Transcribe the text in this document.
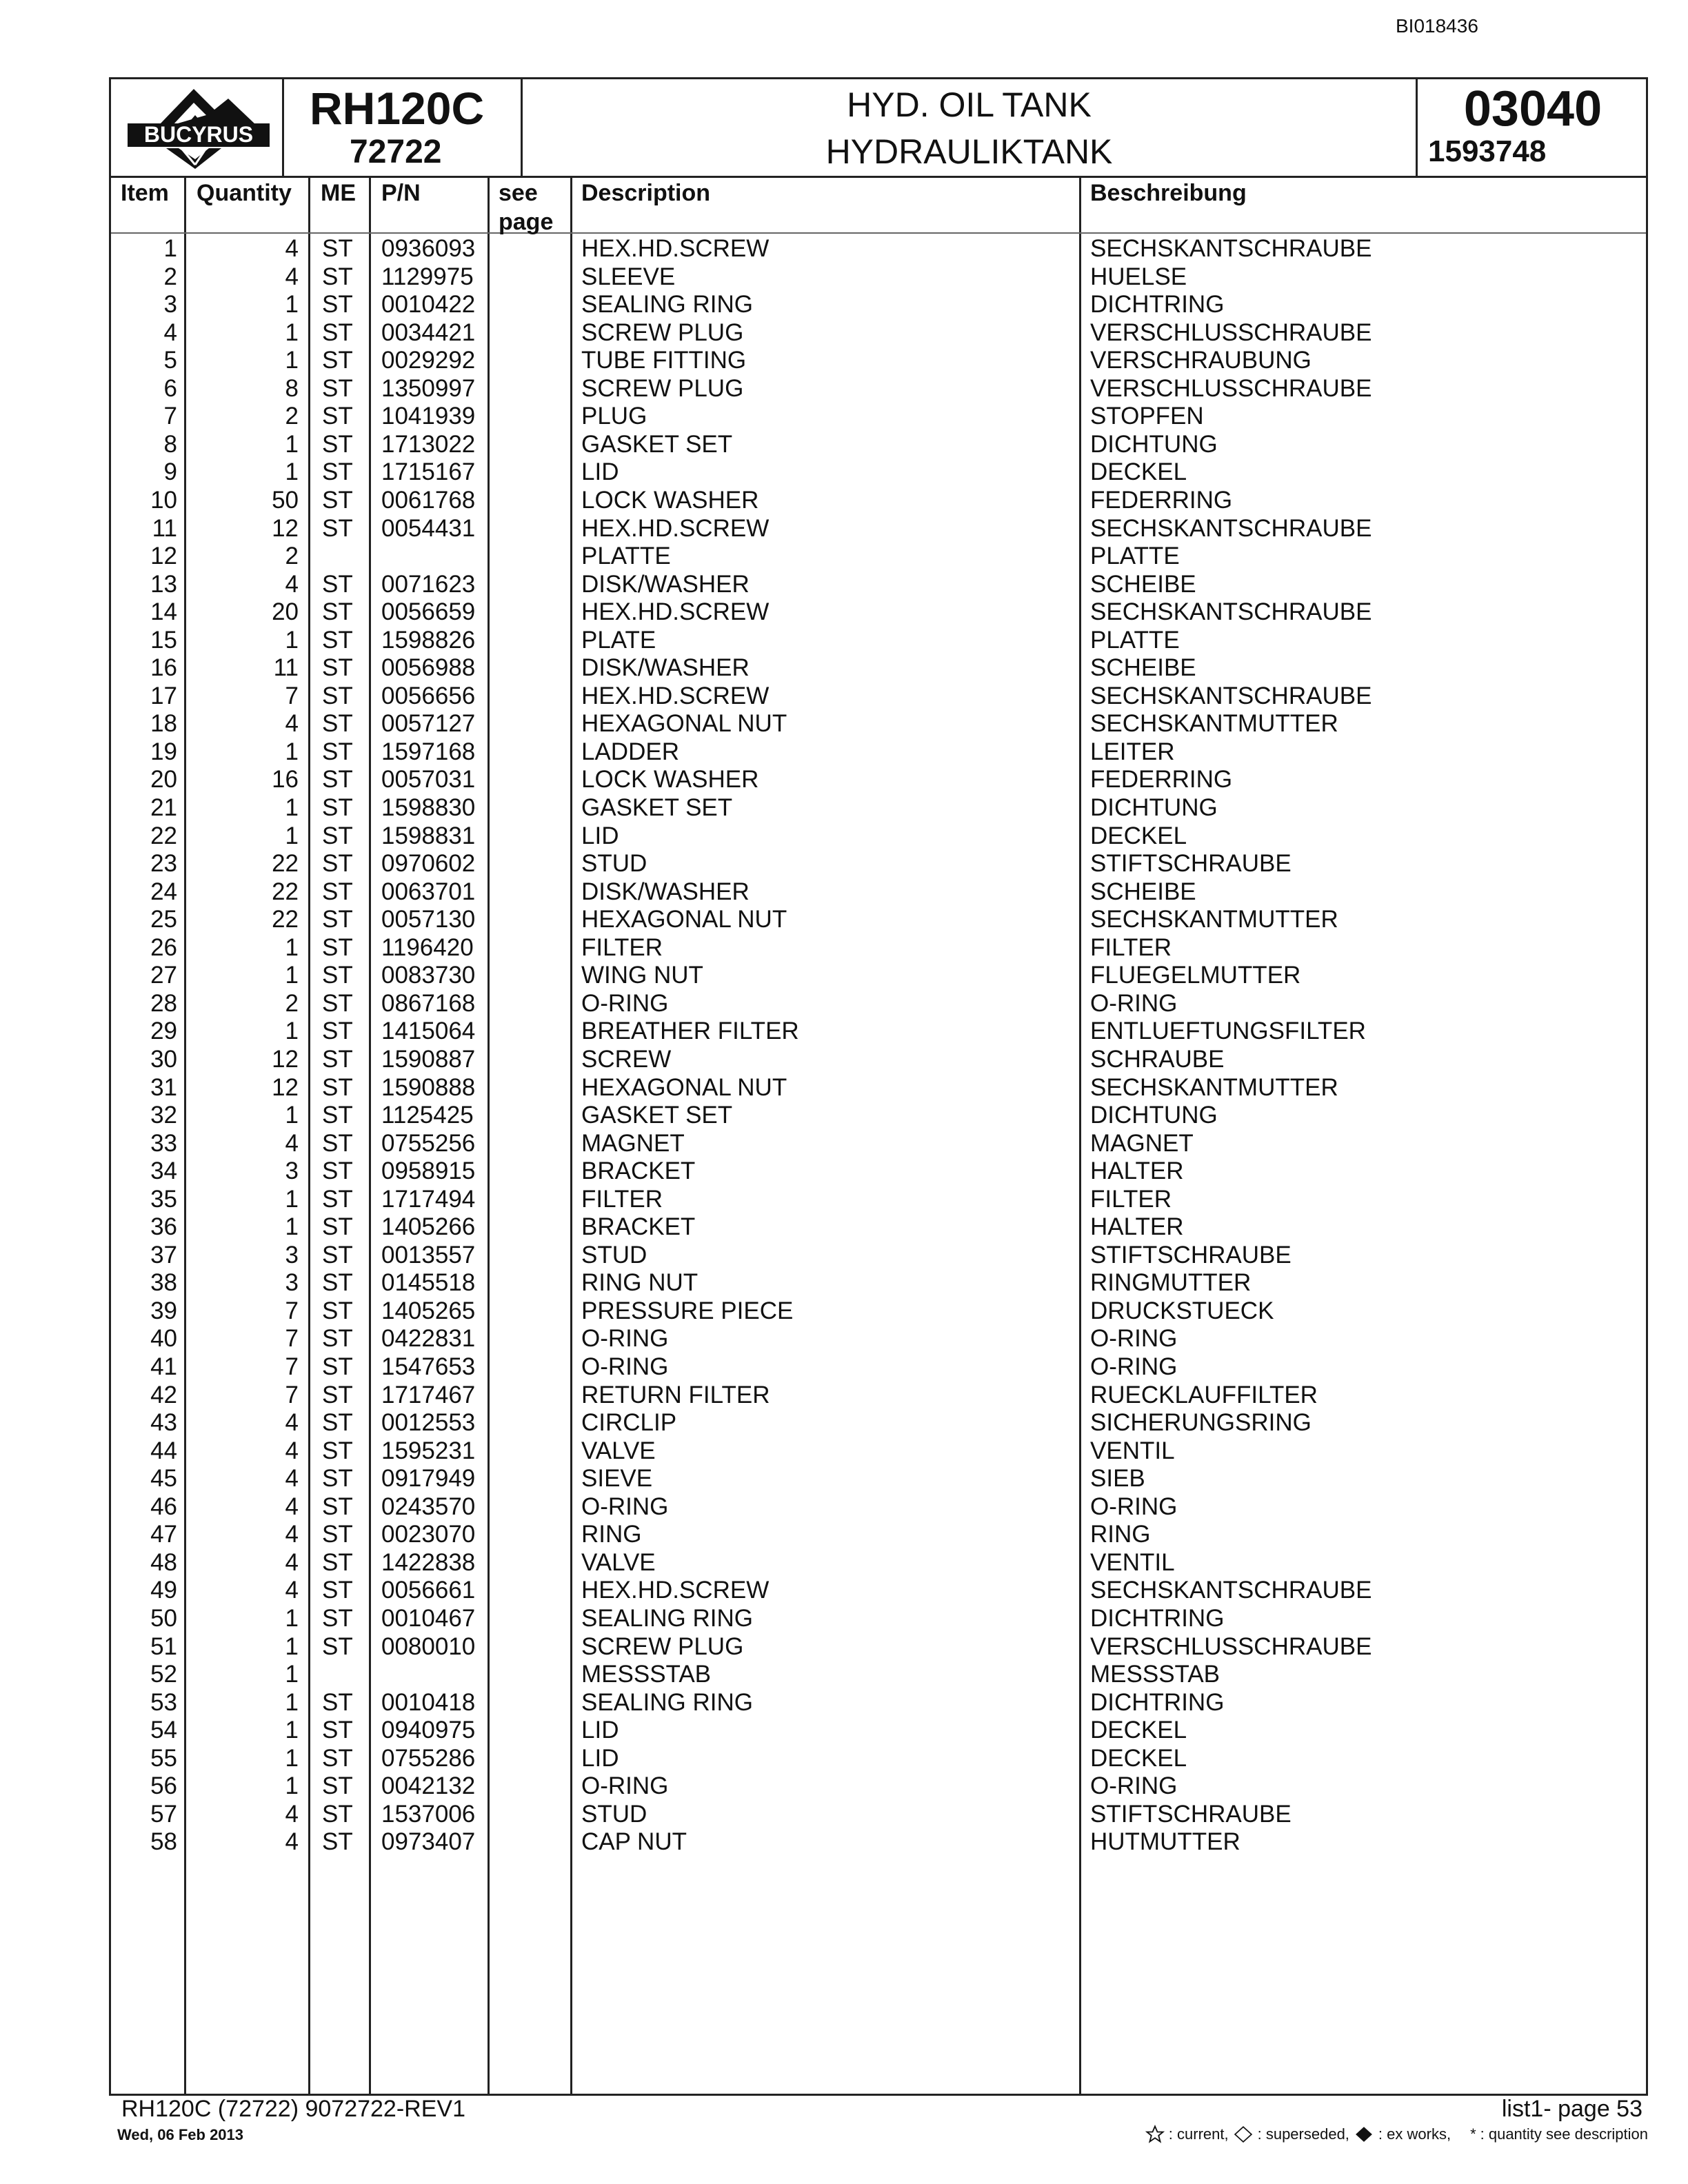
BI018436
BUCYRUS
RH120C
72722
HYD. OIL TANK
HYDRAULIKTANK
03040
1593748
Item Quantity ME P/N	see
page
Description	Beschreibung
1	4 ST 0936093	HEX.HD.SCREW	SECHSKANTSCHRAUBE
2	4 ST 1129975	SLEEVE	HUELSE
3	1 ST 0010422	SEALING RING	DICHTRING
4	1 ST 0034421	SCREW PLUG	VERSCHLUSSCHRAUBE
5	1 ST 0029292	TUBE FITTING	VERSCHRAUBUNG
6	8 ST 1350997	SCREW PLUG	VERSCHLUSSCHRAUBE
7	2 ST 1041939	PLUG	STOPFEN
8	1 ST 1713022	GASKET SET	DICHTUNG
9	1 ST 1715167	LID	DECKEL
10	50 ST 0061768	LOCK WASHER	FEDERRING
11	12 ST 0054431	HEX.HD.SCREW	SECHSKANTSCHRAUBE
12	2	PLATTE	PLATTE
13	4 ST 0071623	DISK/WASHER	SCHEIBE
14	20 ST 0056659	HEX.HD.SCREW	SECHSKANTSCHRAUBE
15	1 ST 1598826	PLATE	PLATTE
16	11 ST 0056988	DISK/WASHER	SCHEIBE
17	7 ST 0056656	HEX.HD.SCREW	SECHSKANTSCHRAUBE
18	4 ST 0057127	HEXAGONAL NUT	SECHSKANTMUTTER
19	1 ST 1597168	LADDER	LEITER
20	16 ST 0057031	LOCK WASHER	FEDERRING
21	1 ST 1598830	GASKET SET	DICHTUNG
22	1 ST 1598831	LID	DECKEL
23	22 ST 0970602	STUD	STIFTSCHRAUBE
24	22 ST 0063701	DISK/WASHER	SCHEIBE
25	22 ST 0057130	HEXAGONAL NUT	SECHSKANTMUTTER
26	1 ST 1196420	FILTER	FILTER
27	1 ST 0083730	WING NUT	FLUEGELMUTTER
28	2 ST 0867168	O-RING	O-RING
29	1 ST 1415064	BREATHER FILTER	ENTLUEFTUNGSFILTER
30	12 ST 1590887	SCREW	SCHRAUBE
31	12 ST 1590888	HEXAGONAL NUT	SECHSKANTMUTTER
32	1 ST 1125425	GASKET SET	DICHTUNG
33	4 ST 0755256	MAGNET	MAGNET
34	3 ST 0958915	BRACKET	HALTER
35	1 ST 1717494	FILTER	FILTER
36	1 ST 1405266	BRACKET	HALTER
37	3 ST 0013557	STUD	STIFTSCHRAUBE
38	3 ST 0145518	RING NUT	RINGMUTTER
39	7 ST 1405265	PRESSURE PIECE	DRUCKSTUECK
40	7 ST 0422831	O-RING	O-RING
41	7 ST 1547653	O-RING	O-RING
42	7 ST 1717467	RETURN FILTER	RUECKLAUFFILTER
43	4 ST 0012553	CIRCLIP	SICHERUNGSRING
44	4 ST 1595231	VALVE	VENTIL
45	4 ST 0917949	SIEVE	SIEB
46	4 ST 0243570	O-RING	O-RING
47	4 ST 0023070	RING	RING
48	4 ST 1422838	VALVE	VENTIL
49	4 ST 0056661	HEX.HD.SCREW	SECHSKANTSCHRAUBE
50	1 ST 0010467	SEALING RING	DICHTRING
51	1 ST 0080010	SCREW PLUG	VERSCHLUSSCHRAUBE
52	1	MESSSTAB	MESSSTAB
53	1 ST 0010418	SEALING RING	DICHTRING
54	1 ST 0940975	LID	DECKEL
55	1 ST 0755286	LID	DECKEL
56	1 ST 0042132	O-RING	O-RING
57	4 ST 1537006	STUD	STIFTSCHRAUBE
58	4 ST 0973407	CAP NUT	HUTMUTTER
RH120C (72722) 9072722-REV1
Wed, 06 Feb 2013
list1- page 53
: current, : superseded, : ex works, * : quantity see description
